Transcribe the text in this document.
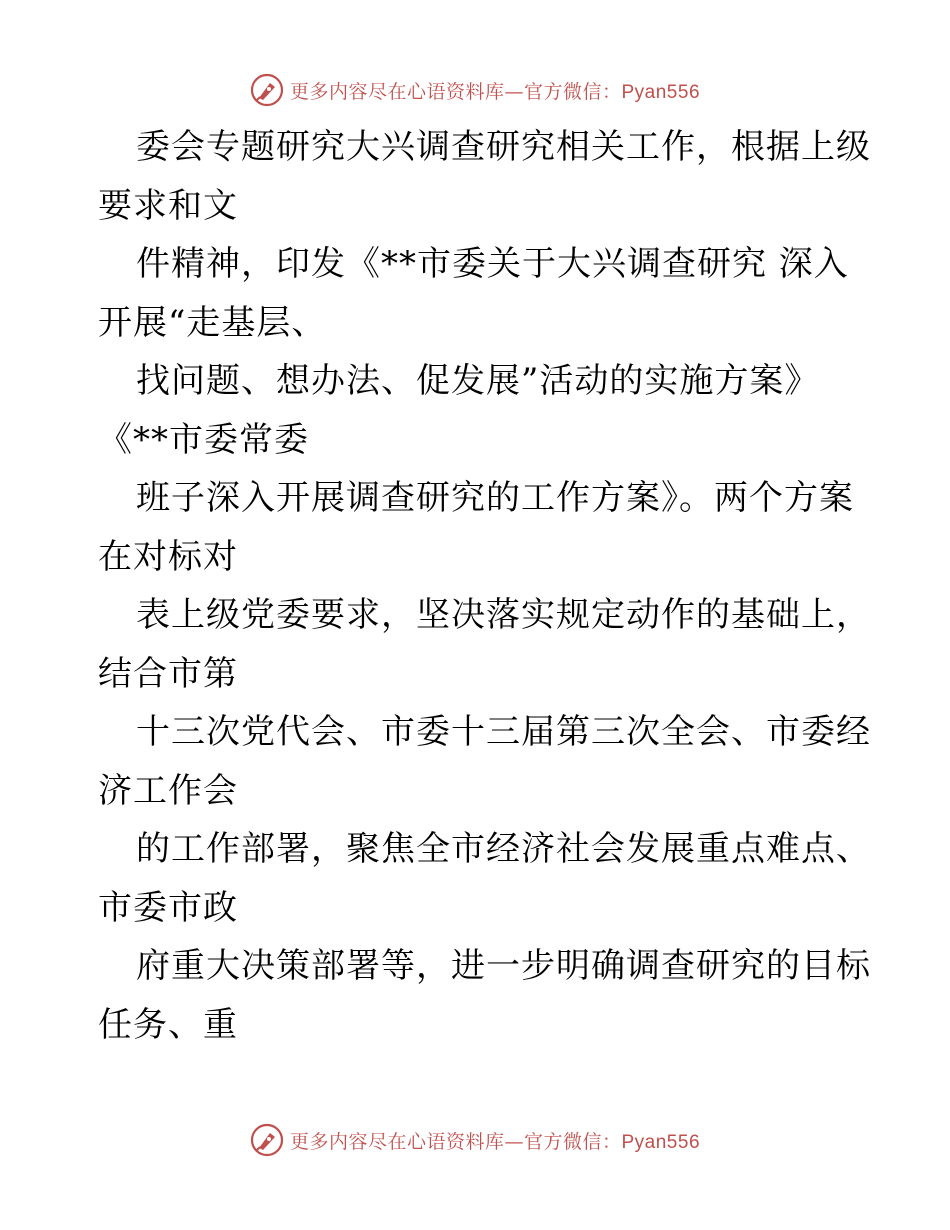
更多内容尽在心语资料库—官方微信：Pyan556
委会专题研究大兴调查研究相关工作，根据上级
要求和文
件精神，印发《**市委关于大兴调查研究 深入
开展“走基层、
找问题、想办法、促发展”活动的实施方案》
《**市委常委
班子深入开展调查研究的工作方案》。两个方案
在对标对
表上级党委要求，坚决落实规定动作的基础上，
结合市第
十三次党代会、市委十三届第三次全会、市委经
济工作会
的工作部署，聚焦全市经济社会发展重点难点、
市委市政
府重大决策部署等，进一步明确调查研究的目标
任务、重
更多内容尽在心语资料库—官方微信：Pyan556
